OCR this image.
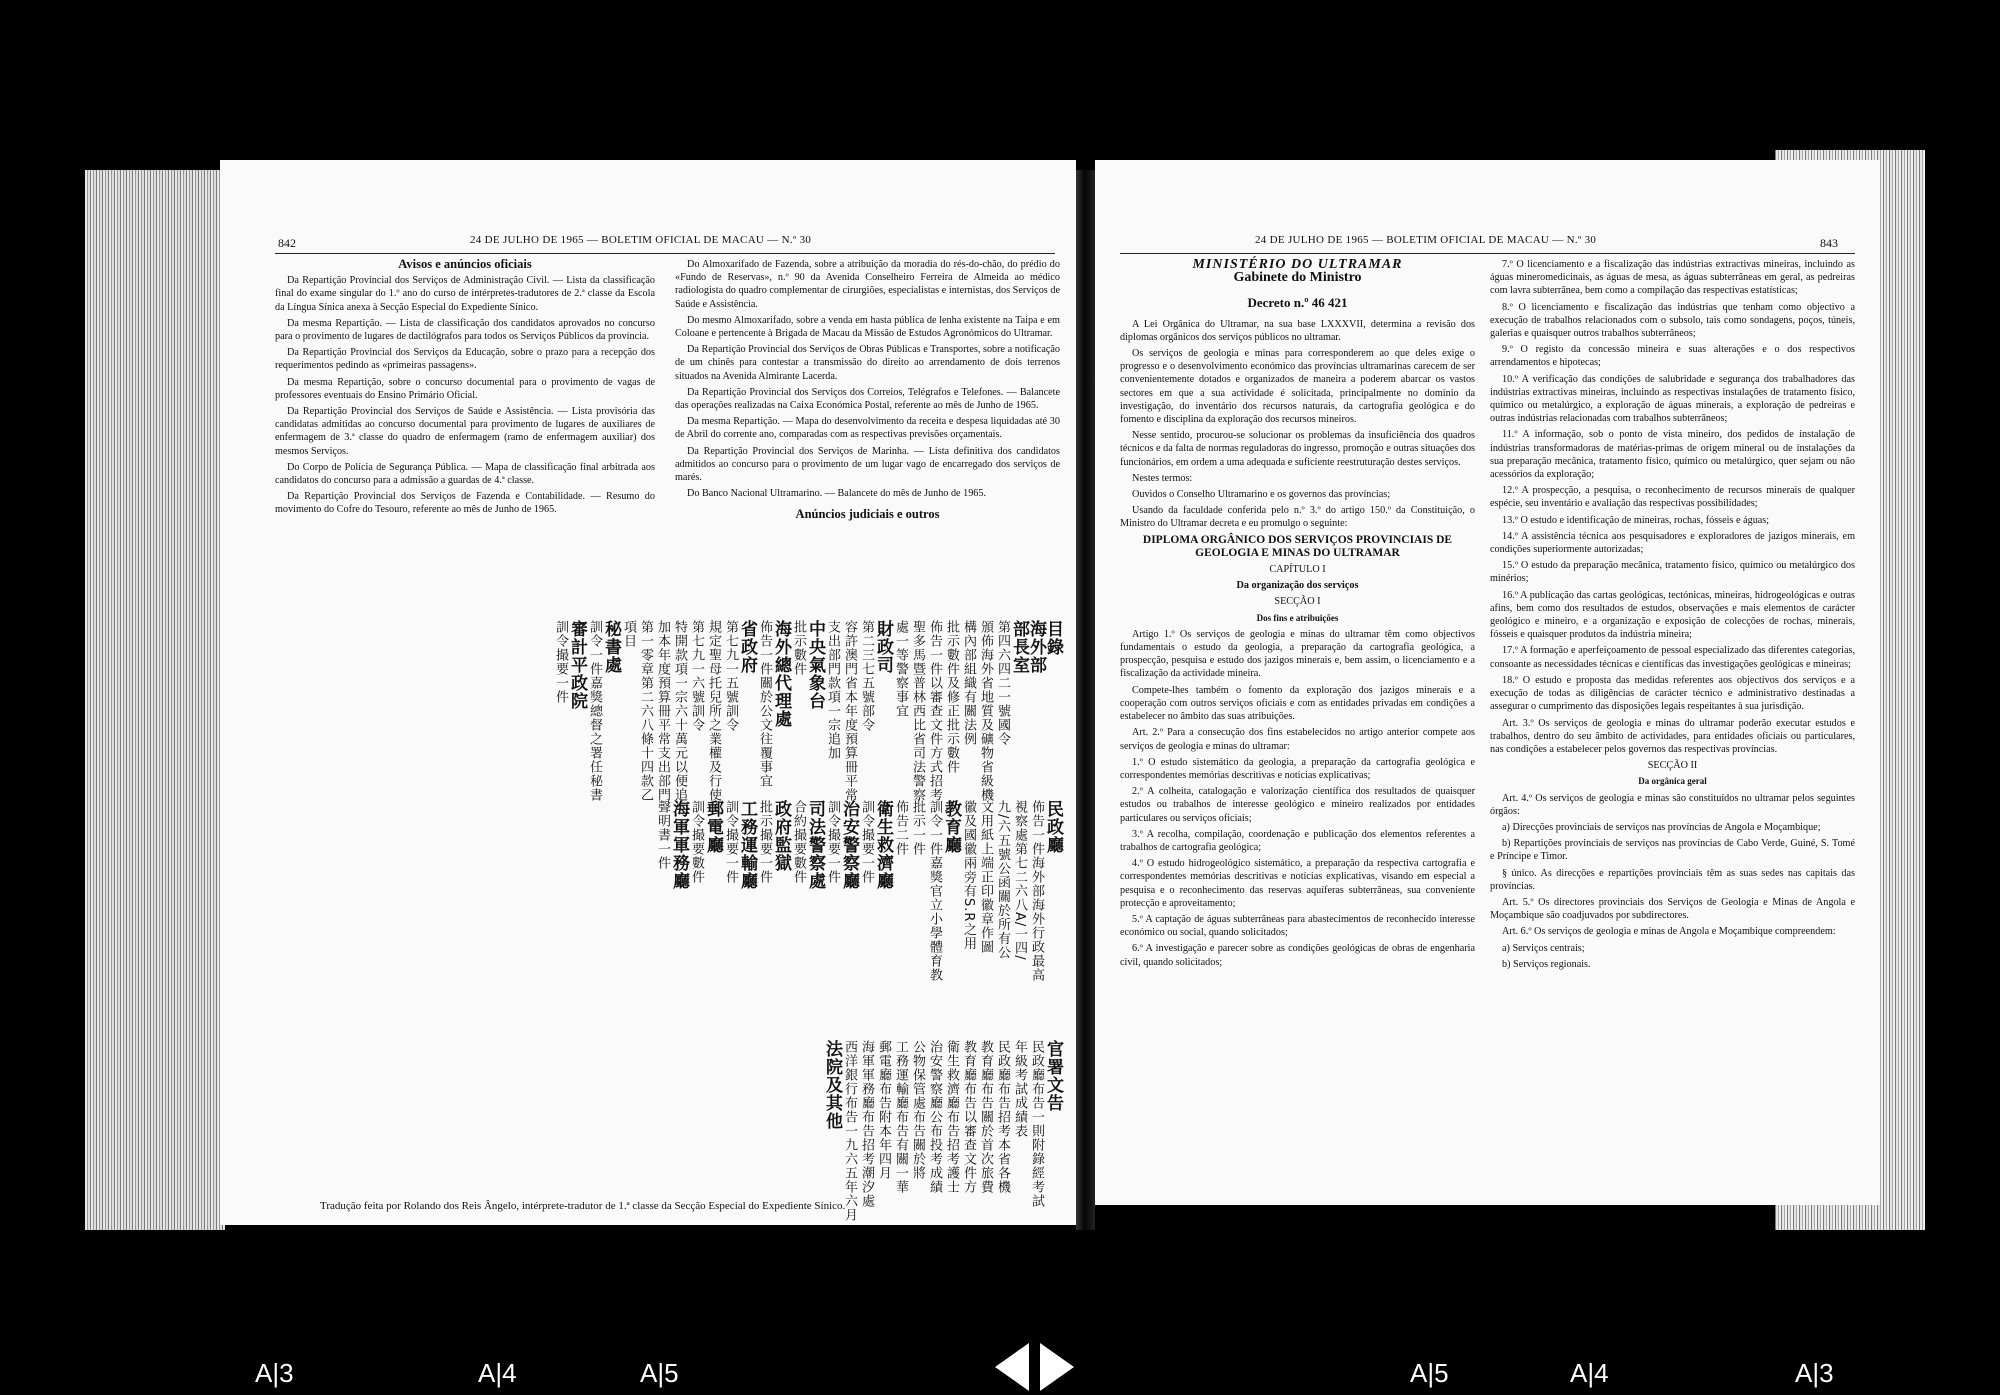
842	24 DE JULHO DE 1965 — BOLETIM OFICIAL DE MACAU — N.º 30

Avisos e anúncios oficiais

Da Repartição Provincial dos Serviços de Administração Civil. — Lista da classificação final do exame singular do 1.º ano do curso de intérpretes-tradutores de 2.ª classe da Escola da Língua Sínica anexa à Secção Especial do Expediente Sínico.

Da mesma Repartição. — Lista de classificação dos candidatos aprovados no concurso para o provimento de lugares de dactilógrafos para todos os Serviços Públicos da província.

Da Repartição Provincial dos Serviços da Educação, sobre o prazo para a recepção dos requerimentos pedindo as «primeiras passagens».

Da mesma Repartição, sobre o concurso documental para o provimento de vagas de professores eventuais do Ensino Primário Oficial.

Da Repartição Provincial dos Serviços de Saúde e Assistência. — Lista provisória das candidatas admitidas ao concurso documental para provimento de lugares de auxiliares de enfermagem de 3.ª classe do quadro de enfermagem (ramo de enfermagem auxiliar) dos mesmos Serviços.

Do Corpo de Polícia de Segurança Pública. — Mapa de classificação final arbitrada aos candidatos do concurso para a admissão a guardas de 4.ª classe.

Da Repartição Provincial dos Serviços de Fazenda e Contabilidade. — Resumo do movimento do Cofre do Tesouro, referente ao mês de Junho de 1965.

Do Almoxarifado de Fazenda, sobre a atribuição da moradia do rés-do-chão, do prédio do «Fundo de Reservas», n.º 90 da Avenida Conselheiro Ferreira de Almeida ao médico radiologista do quadro complementar de cirurgiões, especialistas e internistas, dos Serviços de Saúde e Assistência.

Do mesmo Almoxarifado, sobre a venda em hasta pública de lenha existente na Taipa e em Coloane e pertencente à Brigada de Macau da Missão de Estudos Agronómicos do Ultramar.

Da Repartição Provincial dos Serviços de Obras Públicas e Transportes, sobre a notificação de um chinês para contestar a transmissão do direito ao arrendamento de dois terrenos situados na Avenida Almirante Lacerda.

Da Repartição Provincial dos Serviços dos Correios, Telégrafos e Telefones. — Balancete das operações realizadas na Caixa Económica Postal, referente ao mês de Junho de 1965.

Da mesma Repartição. — Mapa do desenvolvimento da receita e despesa liquidadas até 30 de Abril do corrente ano, comparadas com as respectivas previsões orçamentais.

Da Repartição Provincial dos Serviços de Marinha. — Lista definitiva dos candidatos admitidos ao concurso para o provimento de um lugar vago de encarregado dos serviços de marés.

Do Banco Nacional Ultramarino. — Balancete do mês de Junho de 1965.

Anúncios judiciais e outros

目錄
海外部
部長室
第四六四二一號國令
頒佈海外省地質及礦物省級機
構內部組織有關法例
批示數件及修正批示數件
佈告一件以審查文件方式招考
聖多馬暨普林西比省司法警察
處一等警察事宜
財政司
第二三七五號部令
容許澳門省本年度預算冊平常
支出部門款項一宗追加
中央氣象台
批示數件
海外總代理處
佈告一件關於公文往覆事宜
省政府
第七九一五號訓令
規定聖母托兒所之業權及行使
第七九一六號訓令
特開款項一宗六十萬元以便追
加本年度預算冊平常支出部門
第一零章第二六八條十四款乙
項目
秘書處
訓令一件嘉獎總督之署任秘書
審計平政院
訓令撮要一件
民政廳
佈告一件海外部海外行政最高
視察處第七二六八A/一四/
九/六五號公函關於所有公
文用紙上端正印徽章作圖
徽及國徽兩旁有S.R之用
教育廳
訓令一件嘉獎官立小學體育教
批示一件
佈告二件
衛生救濟廳
訓令撮要一件
治安警察廳
訓令撮要一件
司法警察處
合約撮要數件
政府監獄
批示撮要一件
工務運輸廳
訓令撮要一件
郵電廳
訓令撮要數件
海軍軍務廳
聲明書一件
官署文告
民政廳布告一則附錄經考試
年級考試成績表
民政廳布告招考本省各機
教育廳布告關於首次旅費
教育廳布告以審查文件方
衛生救濟廳布告招考護士
治安警察廳公布投考成績
公物保管處布告關於將
工務運輸廳布告有關一華
郵電廳布告附本年四月
海軍軍務廳布告招考潮汐處
西洋銀行布告一九六五年六月
法院及其他
Tradução feita por Rolando dos Reis Ângelo, intérprete-tradutor de 1.ª classe da Secção Especial do Expediente Sínico.
24 DE JULHO DE 1965 — BOLETIM OFICIAL DE MACAU — N.º 30	843
MINISTÉRIO DO ULTRAMAR
Gabinete do Ministro
Decreto n.º 46 421

A Lei Orgânica do Ultramar, na sua base LXXXVII, determina a revisão dos diplomas orgânicos dos serviços públicos no ultramar.

Os serviços de geologia e minas para corresponderem ao que deles exige o progresso e o desenvolvimento económico das províncias ultramarinas carecem de ser convenientemente dotados e organizados de maneira a poderem abarcar os vastos sectores em que a sua actividade é solicitada, principalmente no domínio da investigação, do inventário dos recursos naturais, da cartografia geológica e do fomento e disciplina da exploração dos recursos mineiros.

Nesse sentido, procurou-se solucionar os problemas da insuficiência dos quadros técnicos e da falta de normas reguladoras do ingresso, promoção e outras situações dos funcionários, em ordem a uma adequada e suficiente reestruturação destes serviços.

Nestes termos:

Ouvidos o Conselho Ultramarino e os governos das províncias;

Usando da faculdade conferida pelo n.º 3.º do artigo 150.º da Constituição, o Ministro do Ultramar decreta e eu promulgo o seguinte:

DIPLOMA ORGÂNICO DOS SERVIÇOS PROVINCIAIS DE GEOLOGIA E MINAS DO ULTRAMAR

CAPÍTULO I

Da organização dos serviços

SECÇÃO I

Dos fins e atribuições

Artigo 1.º Os serviços de geologia e minas do ultramar têm como objectivos fundamentais o estudo da geologia, a preparação da cartografia geológica, a prospecção, pesquisa e estudo dos jazigos minerais e, bem assim, o licenciamento e a fiscalização da actividade mineira.

Compete-lhes também o fomento da exploração dos jazigos minerais e a cooperação com outros serviços oficiais e com as entidades privadas em condições a estabelecer no âmbito das suas atribuições.

Art. 2.º Para a consecução dos fins estabelecidos no artigo anterior compete aos serviços de geologia e minas do ultramar:

1.º O estudo sistemático da geologia, a preparação da cartografia geológica e correspondentes memórias descritivas e notícias explicativas;

2.º A colheita, catalogação e valorização científica dos resultados de quaisquer estudos ou trabalhos de interesse geológico e mineiro realizados por entidades particulares ou serviços oficiais;

3.º A recolha, compilação, coordenação e publicação dos elementos referentes a trabalhos de cartografia geológica;

4.º O estudo hidrogeológico sistemático, a preparação da respectiva cartografia e correspondentes memórias descritivas e notícias explicativas, visando em especial a pesquisa e o reconhecimento das reservas aquíferas subterrâneas, sua conveniente protecção e aproveitamento;

5.º A captação de águas subterrâneas para abastecimentos de reconhecido interesse económico ou social, quando solicitados;

6.º A investigação e parecer sobre as condições geológicas de obras de engenharia civil, quando solicitados;

7.º O licenciamento e a fiscalização das indústrias extractivas mineiras, incluindo as águas mineromedicinais, as águas de mesa, as águas subterrâneas em geral, as pedreiras com lavra subterrânea, bem como a compilação das respectivas estatísticas;

8.º O licenciamento e fiscalização das indústrias que tenham como objectivo a execução de trabalhos relacionados com o subsolo, tais como sondagens, poços, túneis, galerias e quaisquer outros trabalhos subterrâneos;

9.º O registo da concessão mineira e suas alterações e o dos respectivos arrendamentos e hipotecas;

10.º A verificação das condições de salubridade e segurança dos trabalhadores das indústrias extractivas mineiras, incluindo as respectivas instalações de tratamento físico, químico ou metalúrgico, a exploração de águas minerais, a exploração de pedreiras e outras indústrias relacionadas com trabalhos subterrâneos;

11.º A informação, sob o ponto de vista mineiro, dos pedidos de instalação de indústrias transformadoras de matérias-primas de origem mineral ou de instalações da sua preparação mecânica, tratamento físico, químico ou metalúrgico, quer sejam ou não acessórios da exploração;

12.º A prospecção, a pesquisa, o reconhecimento de recursos minerais de qualquer espécie, seu inventário e avaliação das respectivas possibilidades;

13.º O estudo e identificação de mineiras, rochas, fósseis e águas;

14.º A assistência técnica aos pesquisadores e exploradores de jazigos minerais, em condições superiormente autorizadas;

15.º O estudo da preparação mecânica, tratamento físico, químico ou metalúrgico dos minérios;

16.º A publicação das cartas geológicas, tectónicas, mineiras, hidrogeológicas e outras afins, bem como dos resultados de estudos, observações e mais elementos de carácter geológico e mineiro, e a organização e exposição de colecções de rochas, minerais, fósseis e quaisquer produtos da indústria mineira;

17.º A formação e aperfeiçoamento de pessoal especializado das diferentes categorias, consoante as necessidades técnicas e científicas das investigações geológicas e mineiras;

18.º O estudo e proposta das medidas referentes aos objectivos dos serviços e a execução de todas as diligências de carácter técnico e administrativo destinadas a assegurar o cumprimento das disposições legais respeitantes à sua jurisdição.

Art. 3.º Os serviços de geologia e minas do ultramar poderão executar estudos e trabalhos, dentro do seu âmbito de actividades, para entidades oficiais ou particulares, nas condições a estabelecer pelos governos das respectivas províncias.

SECÇÃO II

Da orgânica geral

Art. 4.º Os serviços de geologia e minas são constituídos no ultramar pelos seguintes órgãos:

a) Direcções provinciais de serviços nas províncias de Angola e Moçambique;

b) Repartições provinciais de serviços nas províncias de Cabo Verde, Guiné, S. Tomé e Príncipe e Timor.

§ único. As direcções e repartições provinciais têm as suas sedes nas capitais das províncias.

Art. 5.º Os directores provinciais dos Serviços de Geologia e Minas de Angola e Moçambique são coadjuvados por subdirectores.

Art. 6.º Os serviços de geologia e minas de Angola e Moçambique compreendem:

a) Serviços centrais;

b) Serviços regionais.

A|3	A|4	A|5	A|5	A|4	A|3
